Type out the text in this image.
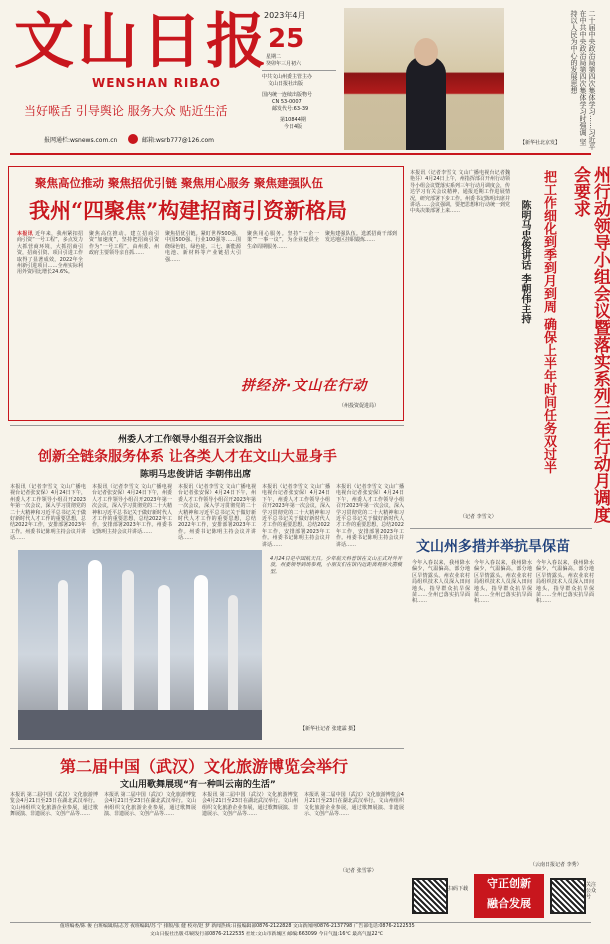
文山日报
WENSHAN RIBAO
当好喉舌 引导舆论 服务大众 贴近生活
报网通栏:wsnews.com.cn	邮箱:wsrb777@126.com
2023年4月
25
星期二
癸卯年三月初六
中共文山州委主管主办
文山日报社出版
国内统一连续出版物号
CN 53-0007
邮发代号:63-39
第10844期
今日4版	二十届中央政治局第四次集体学习……习近平在中共中央政治局第四次集体学习时强调 坚持以人民为中心的发展思想
【新华社北京发】
聚焦高位推动 聚焦招优引链 聚焦用心服务 聚焦建强队伍
我州“四聚焦”构建招商引资新格局
本报讯 近年来，我州紧扣招商引资“一号工程”，多点发力大抓营商环境，大抓招商引资，招商引资、项目引进工作取得了显著成效，2022年全州新引进项目……全州实际利用外资同比增长24.6%。
聚焦高位推动。建立招商引资“加速度”，坚持把招商引资作为“一号工程”，由州委、州政府主要领导亲自抓……
聚焦招优引链。紧盯世界500强、中国500强、行业100强等……围绕绿色铝、绿色硅、三七、新能源电池、新材料等产业链招大引强……
聚焦用心服务。坚持“一企一策”“一事一议”，为企业提供全生命周期服务……
聚焦建强队伍。选派招商干部到发达地区挂职锻炼……
拼经济·文山在行动
（州投资促进局）
本报讯（记者李雪文 文山广播电视台记者魏艳芬）4月24日上午，州指挥部召开州行动领导小组会议暨落实系列三年行动月调度会，传达学习有关会议精神，通报近期工作进展情况，研究部署下步工作。州委书记陈明出席并讲话……会议强调，要把思想和行动统一到党中央决策部署上来……	州行动领导小组会议暨落实系列三年行动月调度会要求
把工作细化到季到月到周 确保上半年时间任务双过半
陈明马忠俊讲话 李朝伟主持
（记者 李雪文）
州委人才工作领导小组召开会议指出
创新全链条服务体系 让各类人才在文山大显身手
陈明马忠俊讲话 李朝伟出席
本报讯（记者李雪文 文山广播电视台记者张安保）4月24日下午，州委人才工作领导小组召开2023年第一次会议，深入学习贯彻党的二十大精神和习近平总书记关于做好新时代人才工作的重要思想，总结2022年工作，安排部署2023年工作。州委书记陈明主持会议并讲话……
本报讯（记者李雪文 文山广播电视台记者张安保）4月24日下午，州委人才工作领导小组召开2023年第一次会议，深入学习贯彻党的二十大精神和习近平总书记关于做好新时代人才工作的重要思想，总结2022年工作，安排部署2023年工作。州委书记陈明主持会议并讲话……
本报讯（记者李雪文 文山广播电视台记者张安保）4月24日下午，州委人才工作领导小组召开2023年第一次会议，深入学习贯彻党的二十大精神和习近平总书记关于做好新时代人才工作的重要思想，总结2022年工作，安排部署2023年工作。州委书记陈明主持会议并讲话……
本报讯（记者李雪文 文山广播电视台记者张安保）4月24日下午，州委人才工作领导小组召开2023年第一次会议，深入学习贯彻党的二十大精神和习近平总书记关于做好新时代人才工作的重要思想，总结2022年工作，安排部署2023年工作。州委书记陈明主持会议并讲话……
本报讯（记者李雪文 文山广播电视台记者张安保）4月24日下午，州委人才工作领导小组召开2023年第一次会议，深入学习贯彻党的二十大精神和习近平总书记关于做好新时代人才工作的重要思想，总结2022年工作，安排部署2023年工作。州委书记陈明主持会议并讲话……
4月24日是中国航天日。少年航天科普馆在文山正式对外开放，州委领导到场参观，小朋友们在馆内近距离观察火箭模型。
【新华社记者 张建霖 摄】
文山州多措并举抗旱保苗
今年入春以来，我州降水偏少，气温偏高，部分地区旱情露头。州农业农村局组织技术人员深入田间地头，指导群众抗旱保苗……全州已落实抗旱面积……
今年入春以来，我州降水偏少，气温偏高，部分地区旱情露头。州农业农村局组织技术人员深入田间地头，指导群众抗旱保苗……全州已落实抗旱面积……
今年入春以来，我州降水偏少，气温偏高，部分地区旱情露头。州农业农村局组织技术人员深入田间地头，指导群众抗旱保苗……全州已落实抗旱面积……
（云南日报记者 李秀）
第二届中国（武汉）文化旅游博览会举行
文山用歌舞展现“有一种叫云南的生活”
本报讯 第二届中国（武汉）文化旅游博览会4月21日至23日在湖北武汉举行。文山州组织文化旅游企业参展，通过歌舞展演、非遗展示、文创产品等……
本报讯 第二届中国（武汉）文化旅游博览会4月21日至23日在湖北武汉举行。文山州组织文化旅游企业参展，通过歌舞展演、非遗展示、文创产品等……
本报讯 第二届中国（武汉）文化旅游博览会4月21日至23日在湖北武汉举行。文山州组织文化旅游企业参展，通过歌舞展演、非遗展示、文创产品等……
本报讯 第二届中国（武汉）文化旅游博览会4月21日至23日在湖北武汉举行。文山州组织文化旅游企业参展，通过歌舞展演、非遗展示、文创产品等……
（记者 张雪霏）
扫码下载	守正创新
融合发展
关注公众号
值班编委/陈 俊 白班编辑/陆志芳 夜班编辑/苏 宁 排版/张 健 校对/赵 梦 新闻热线:日报编辑部0876-2122828 文山新闻网0876-2137798 广告部电话:0876-2122535
文山日报社出版·印刷发行部0876-2122535 社址:文山市新城区 邮编:663099 今日气温:16℃ 最高气温22℃
